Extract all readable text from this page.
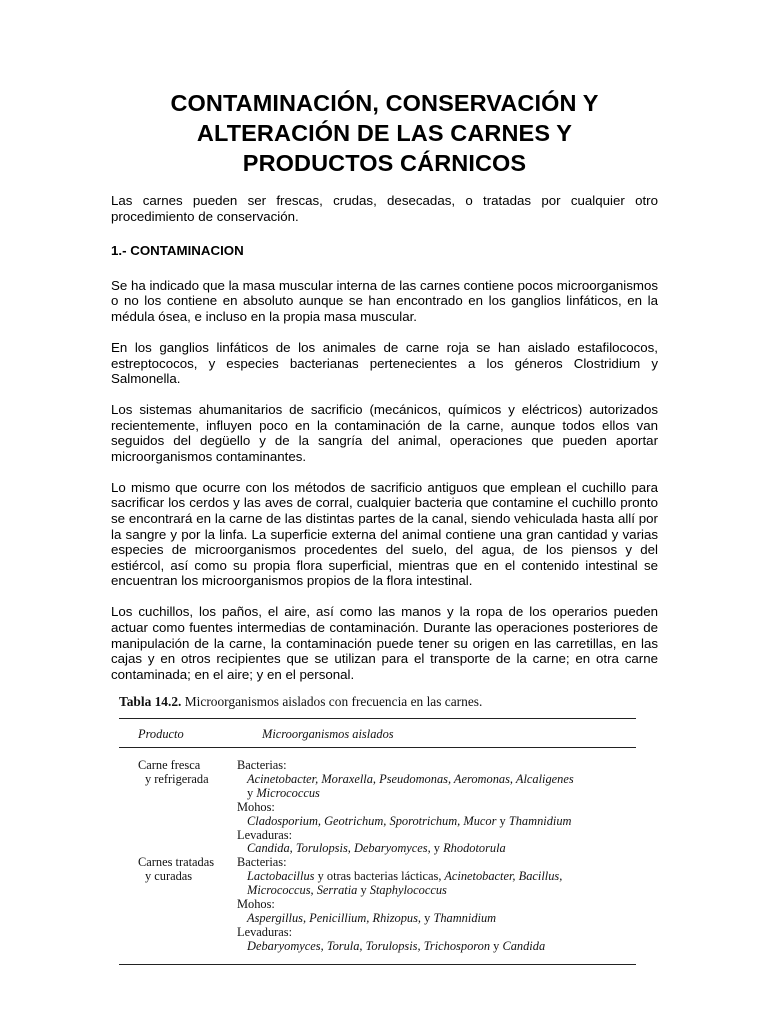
CONTAMINACIÓN, CONSERVACIÓN Y
ALTERACIÓN DE LAS CARNES Y
PRODUCTOS CÁRNICOS

Las carnes pueden ser frescas, crudas, desecadas, o tratadas por cualquier otro procedimiento de conservación.

1.- CONTAMINACION

Se ha indicado que la masa muscular interna de las carnes contiene pocos microorganismos o no los contiene en absoluto aunque se han encontrado en los ganglios linfáticos, en la médula ósea, e incluso en la propia masa muscular.

En los ganglios linfáticos de los animales de carne roja se han aislado estafilococos, estreptococos, y especies bacterianas pertenecientes a los géneros Clostridium y Salmonella.

Los sistemas ahumanitarios de sacrificio (mecánicos, químicos y eléctricos) autorizados recientemente, influyen poco en la contaminación de la carne, aunque todos ellos van seguidos del degüello y de la sangría del animal, operaciones que pueden aportar microorganismos contaminantes.

Lo mismo que ocurre con los métodos de sacrificio antiguos que emplean el cuchillo para sacrificar los cerdos y las aves de corral, cualquier bacteria que contamine el cuchillo pronto se encontrará en la carne de las distintas partes de la canal, siendo vehiculada hasta allí por la sangre y por la linfa. La superficie externa del animal contiene una gran cantidad y varias especies de microorganismos procedentes del suelo, del agua, de los piensos y del estiércol, así como su propia flora superficial, mientras que en el contenido intestinal se encuentran los microorganismos propios de la flora intestinal.

Los cuchillos, los paños, el aire, así como las manos y la ropa de los operarios pueden actuar como fuentes intermedias de contaminación. Durante las operaciones posteriores de manipulación de la carne, la contaminación puede tener su origen en las carretillas, en las cajas y en otros recipientes que se utilizan para el transporte de la carne; en otra carne contaminada; en el aire; y en el personal.

Tabla 14.2. Microorganismos aislados con frecuencia en las carnes.

Producto	Microorganismos aislados
Carne fresca
y refrigerada
Bacterias:
Acinetobacter, Moraxella, Pseudomonas, Aeromonas, Alcaligenes
y Micrococcus
Mohos:
Cladosporium, Geotrichum, Sporotrichum, Mucor y Thamnidium
Levaduras:
Candida, Torulopsis, Debaryomyces, y Rhodotorula
Carnes tratadas
y curadas
Bacterias:
Lactobacillus y otras bacterias lácticas, Acinetobacter, Bacillus,
Micrococcus, Serratia y Staphylococcus
Mohos:
Aspergillus, Penicillium, Rhizopus, y Thamnidium
Levaduras:
Debaryomyces, Torula, Torulopsis, Trichosporon y Candida
